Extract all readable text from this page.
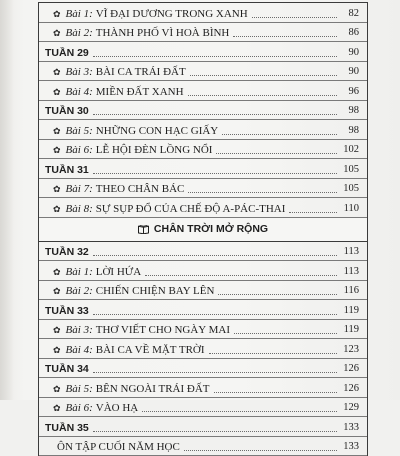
✿ Bài 1: VĨ ĐẠI DƯƠNG TRONG XANH	82
✿ Bài 2: THÀNH PHỐ VÌ HOÀ BÌNH	86
TUẦN 29	90
✿ Bài 3: BÀI CA TRÁI ĐẤT	90
✿ Bài 4: MIỀN ĐẤT XANH	96
TUẦN 30	98
✿ Bài 5: NHỮNG CON HẠC GIẤY	98
✿ Bài 6: LỄ HỘI ĐÈN LỒNG NỔI	102
TUẦN 31	105
✿ Bài 7: THEO CHÂN BÁC	105
✿ Bài 8: SỰ SỤP ĐỔ CỦA CHẾ ĐỘ A-PÁC-THAI	110
CHÂN TRỜI MỞ RỘNG
TUẦN 32	113
✿ Bài 1: LỜI HỨA	113
✿ Bài 2: CHIẾN CHIỆN BAY LÊN	116
TUẦN 33	119
✿ Bài 3: THƠ VIẾT CHO NGÀY MAI	119
✿ Bài 4: BÀI CA VỀ MẶT TRỜI	123
TUẦN 34	126
✿ Bài 5: BÊN NGOÀI TRÁI ĐẤT	126
✿ Bài 6: VÀO HẠ	129
TUẦN 35	133
ÔN TẬP CUỐI NĂM HỌC	133
